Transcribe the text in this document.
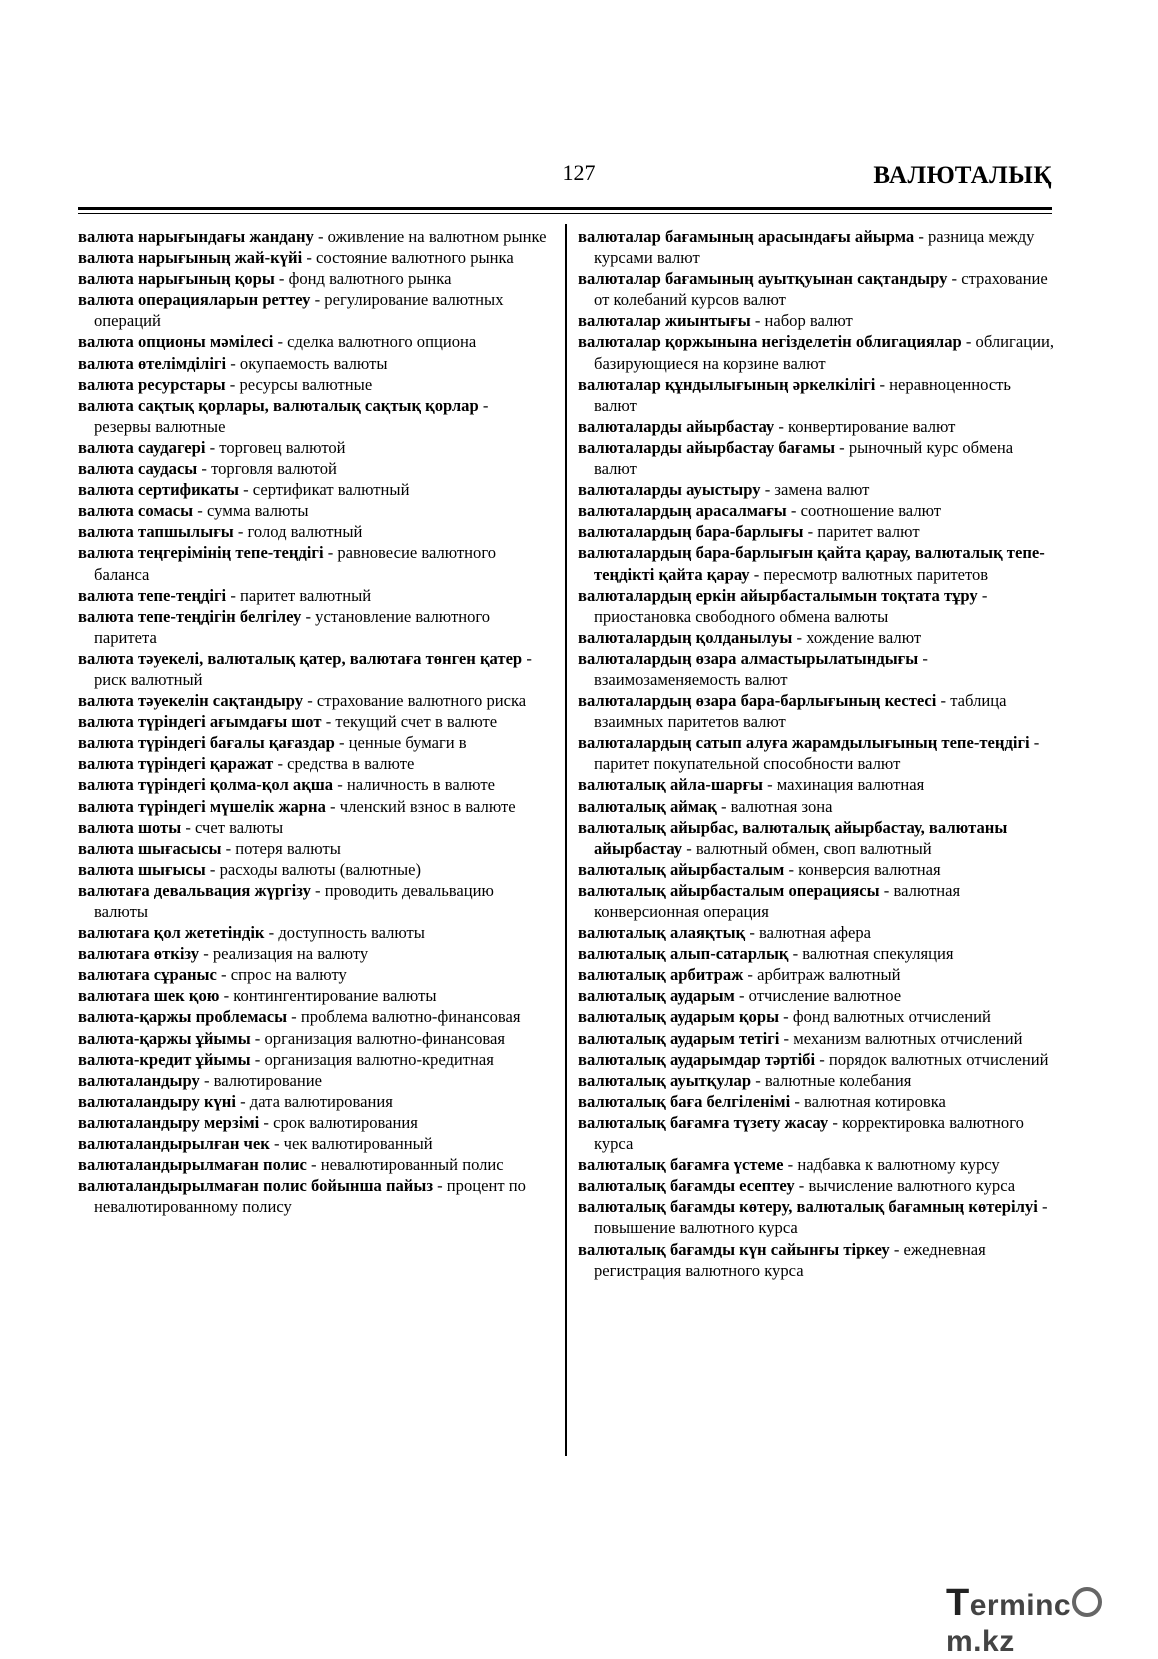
127	ВАЛЮТАЛЫҚ
валюта нарығындағы жандану - оживление на валютном рынке
валюта нарығының жай-күйі - состояние валютного рынка
валюта нарығының қоры - фонд валютного рынка
валюта операцияларын реттеу - регулирование валютных операций
валюта опционы мәмілесі - сделка валютного опциона
валюта өтелімділігі - окупаемость валюты
валюта ресурстары - ресурсы валютные
валюта сақтық қорлары, валюталық сақтық қорлар - резервы валютные
валюта саудагері - торговец валютой
валюта саудасы - торговля валютой
валюта сертификаты - сертификат валютный
валюта сомасы - сумма валюты
валюта тапшылығы - голод валютный
валюта теңгерімінің тепе-теңдігі - равновесие валютного баланса
валюта тепе-теңдігі - паритет валютный
валюта тепе-теңдігін белгілеу - установление валютного паритета
валюта тәуекелі, валюталық қатер, валютаға төнген қатер - риск валютный
валюта тәуекелін сақтандыру - страхование валютного риска
валюта түріндегі ағымдағы шот - текущий счет в валюте
валюта түріндегі бағалы қағаздар - ценные бумаги в
валюта түріндегі қаражат - средства в валюте
валюта түріндегі қолма-қол ақша - наличность в валюте
валюта түріндегі мүшелік жарна - членский взнос в валюте
валюта шоты - счет валюты
валюта шығасысы - потеря валюты
валюта шығысы - расходы валюты (валютные)
валютаға девальвация жүргізу - проводить девальвацию валюты
валютаға қол жететіндік - доступность валюты
валютаға өткізу - реализация на валюту
валютаға сұраныс - спрос на валюту
валютаға шек қою - контингентирование валюты
валюта-қаржы проблемасы - проблема валютно-финансовая
валюта-қаржы ұйымы - организация валютно-финансовая
валюта-кредит ұйымы - организация валютно-кредитная
валюталандыру - валютирование
валюталандыру күні - дата валютирования
валюталандыру мерзімі - срок валютирования
валюталандырылған чек - чек валютированный
валюталандырылмаған полис - невалютированный полис
валюталандырылмаған полис бойынша пайыз - процент по невалютированному полису
валюталар бағамының арасындағы айырма - разница между курсами валют
валюталар бағамының ауытқуынан сақтандыру - страхование от колебаний курсов валют
валюталар жиынтығы - набор валют
валюталар қоржынына негізделетін облигациялар - облигации, базирующиеся на корзине валют
валюталар құндылығының әркелкілігі - неравноценность валют
валюталарды айырбастау - конвертирование валют
валюталарды айырбастау бағамы - рыночный курс обмена валют
валюталарды ауыстыру - замена валют
валюталардың арасалмағы - соотношение валют
валюталардың бара-барлығы - паритет валют
валюталардың бара-барлығын қайта қарау, валюталық тепе-теңдікті қайта қарау - пересмотр валютных паритетов
валюталардың еркін айырбасталымын тоқтата тұру - приостановка свободного обмена валюты
валюталардың қолданылуы - хождение валют
валюталардың өзара алмастырылатындығы - взаимозаменяемость валют
валюталардың өзара бара-барлығының кестесі - таблица взаимных паритетов валют
валюталардың сатып алуға жарамдылығының тепе-теңдігі - паритет покупательной способности валют
валюталық айла-шарғы - махинация валютная
валюталық аймақ - валютная зона
валюталық айырбас, валюталық айырбастау, валютаны айырбастау - валютный обмен, своп валютный
валюталық айырбасталым - конверсия валютная
валюталық айырбасталым операциясы - валютная конверсионная операция
валюталық алаяқтық - валютная афера
валюталық алып-сатарлық - валютная спекуляция
валюталық арбитраж - арбитраж валютный
валюталық аударым - отчисление валютное
валюталық аударым қоры - фонд валютных отчислений
валюталық аударым тетігі - механизм валютных отчислений
валюталық аударымдар тәртібі - порядок валютных отчислений
валюталық ауытқулар - валютные колебания
валюталық баға белгіленімі - валютная котировка
валюталық бағамға түзету жасау - корректировка валютного курса
валюталық бағамға үстеме - надбавка к валютному курсу
валюталық бағамды есептеу - вычисление валютного курса
валюталық бағамды көтеру, валюталық бағамның көтерілуі - повышение валютного курса
валюталық бағамды күн сайынғы тіркеу - ежедневная регистрация валютного курса
Termincm.kz
